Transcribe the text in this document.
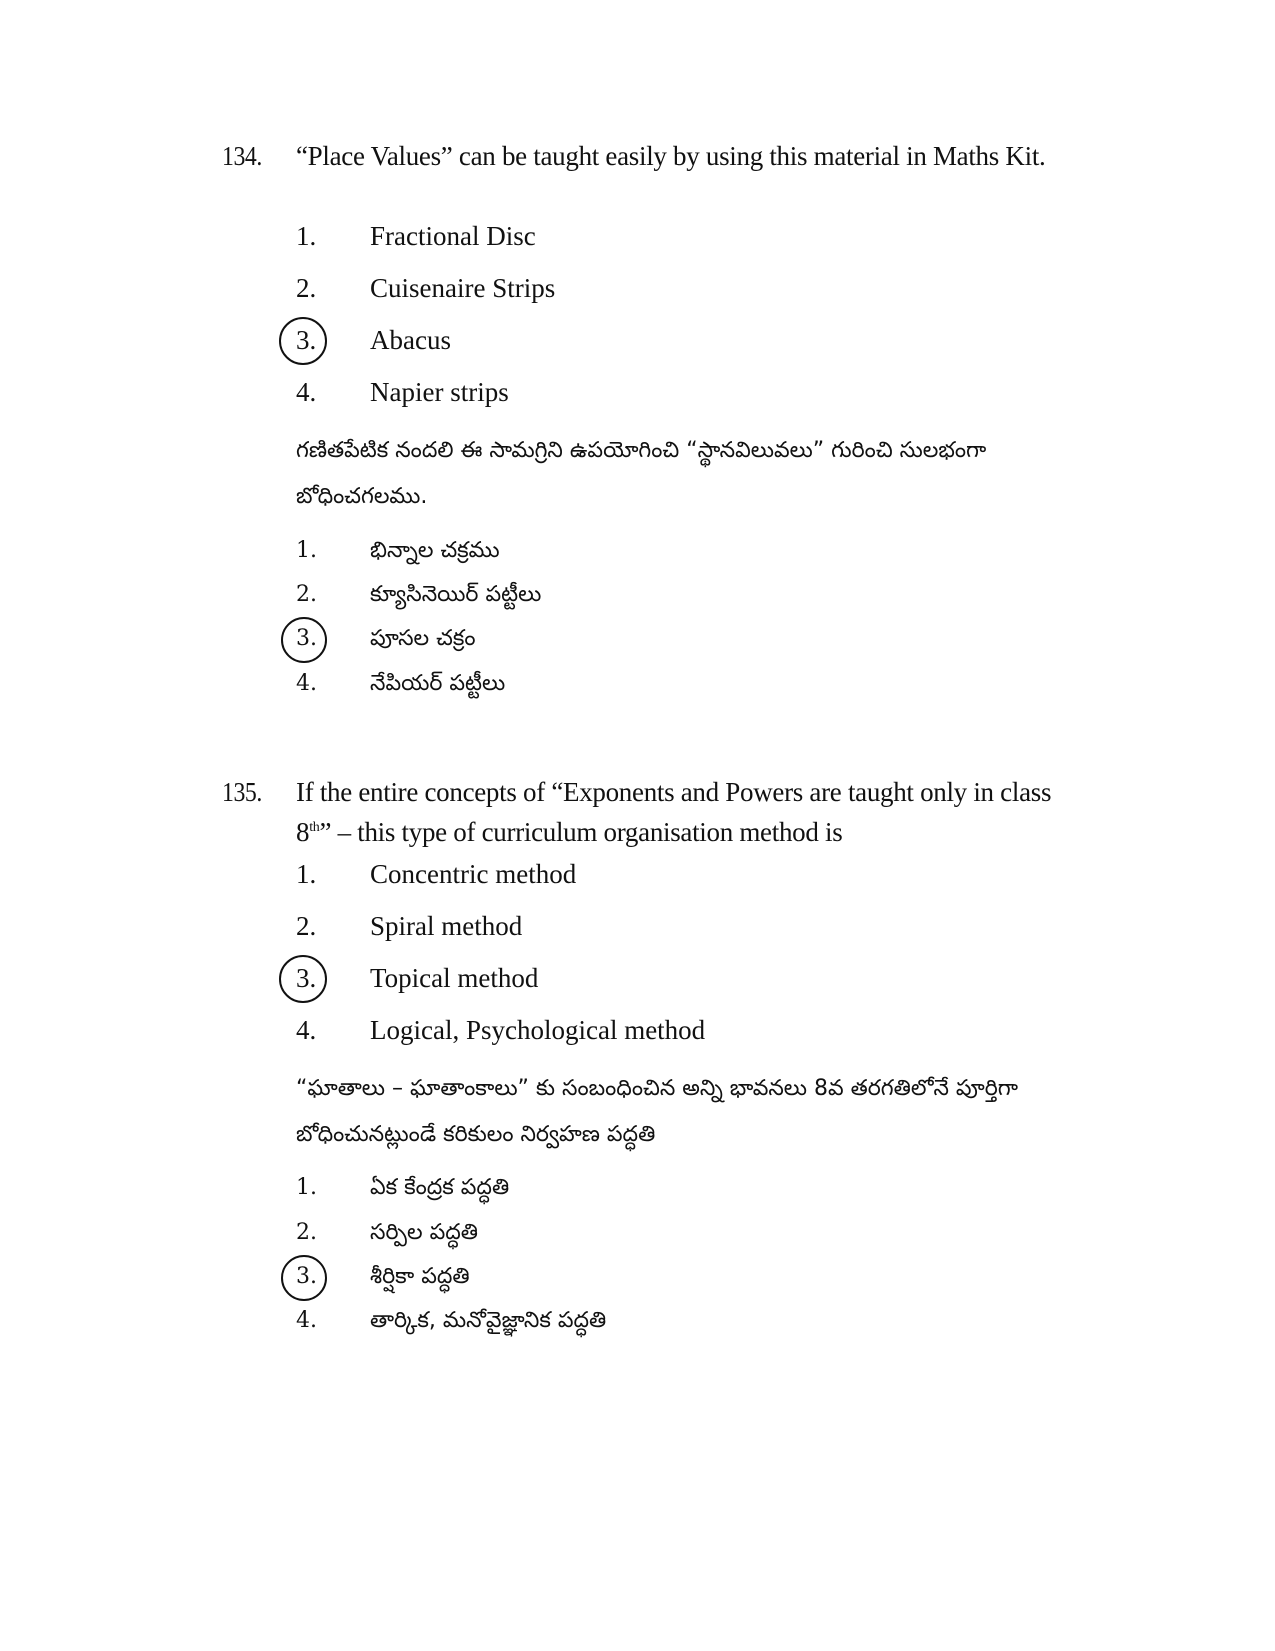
134. “Place Values” can be taught easily by using this material in Maths Kit.
1.	Fractional Disc
2.	Cuisenaire Strips
3.	Abacus
4.	Napier strips
గణితపేటిక నందలి ఈ సామగ్రిని ఉపయోగించి “స్థానవిలువలు” గురించి సులభంగా బోధించగలము.
1. భిన్నాల చక్రము
2. క్యూసినెయిర్ పట్టీలు
3. పూసల చక్రం
4. నేపియర్ పట్టీలు
135. If the entire concepts of “Exponents and Powers are taught only in class 8th” – this type of curriculum organisation method is
1.	Concentric method
2.	Spiral method
3.	Topical method
4.	Logical, Psychological method
“ఘాతాలు – ఘాతాంకాలు” కు సంబంధించిన అన్ని భావనలు 8వ తరగతిలోనే పూర్తిగా బోధించునట్లుండే కరికులం నిర్వహణ పద్ధతి
1. ఏక కేంద్రక పద్ధతి
2. సర్పిల పద్ధతి
3. శీర్షికా పద్ధతి
4. తార్కిక, మనోవైజ్ఞానిక పద్ధతి
